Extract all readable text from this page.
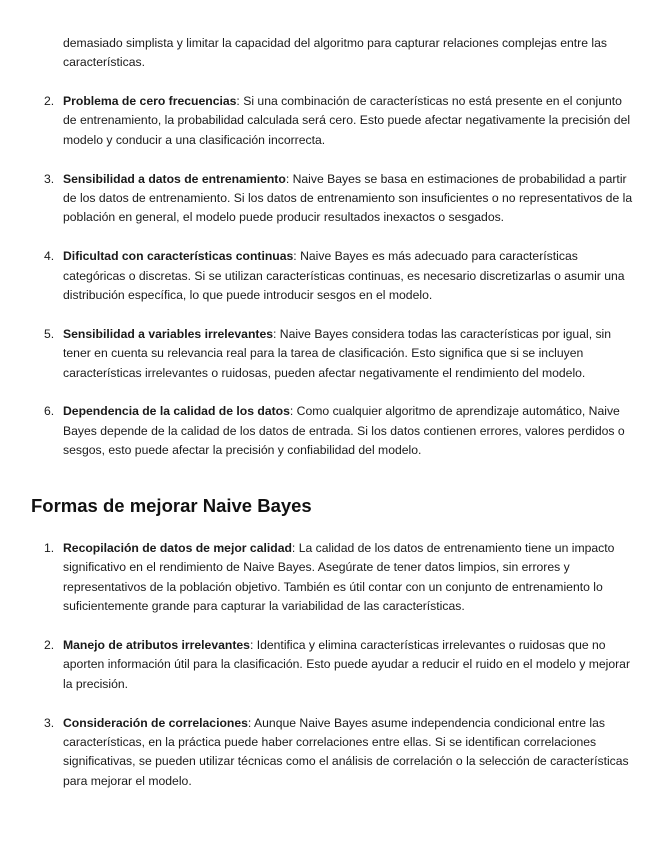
demasiado simplista y limitar la capacidad del algoritmo para capturar relaciones complejas entre las características.

2. Problema de cero frecuencias: Si una combinación de características no está presente en el conjunto de entrenamiento, la probabilidad calculada será cero. Esto puede afectar negativamente la precisión del modelo y conducir a una clasificación incorrecta.
3. Sensibilidad a datos de entrenamiento: Naive Bayes se basa en estimaciones de probabilidad a partir de los datos de entrenamiento. Si los datos de entrenamiento son insuficientes o no representativos de la población en general, el modelo puede producir resultados inexactos o sesgados.
4. Dificultad con características continuas: Naive Bayes es más adecuado para características categóricas o discretas. Si se utilizan características continuas, es necesario discretizarlas o asumir una distribución específica, lo que puede introducir sesgos en el modelo.
5. Sensibilidad a variables irrelevantes: Naive Bayes considera todas las características por igual, sin tener en cuenta su relevancia real para la tarea de clasificación. Esto significa que si se incluyen características irrelevantes o ruidosas, pueden afectar negativamente el rendimiento del modelo.
6. Dependencia de la calidad de los datos: Como cualquier algoritmo de aprendizaje automático, Naive Bayes depende de la calidad de los datos de entrada. Si los datos contienen errores, valores perdidos o sesgos, esto puede afectar la precisión y confiabilidad del modelo.
Formas de mejorar Naive Bayes
1. Recopilación de datos de mejor calidad: La calidad de los datos de entrenamiento tiene un impacto significativo en el rendimiento de Naive Bayes. Asegúrate de tener datos limpios, sin errores y representativos de la población objetivo. También es útil contar con un conjunto de entrenamiento lo suficientemente grande para capturar la variabilidad de las características.
2. Manejo de atributos irrelevantes: Identifica y elimina características irrelevantes o ruidosas que no aporten información útil para la clasificación. Esto puede ayudar a reducir el ruido en el modelo y mejorar la precisión.
3. Consideración de correlaciones: Aunque Naive Bayes asume independencia condicional entre las características, en la práctica puede haber correlaciones entre ellas. Si se identifican correlaciones significativas, se pueden utilizar técnicas como el análisis de correlación o la selección de características para mejorar el modelo.
